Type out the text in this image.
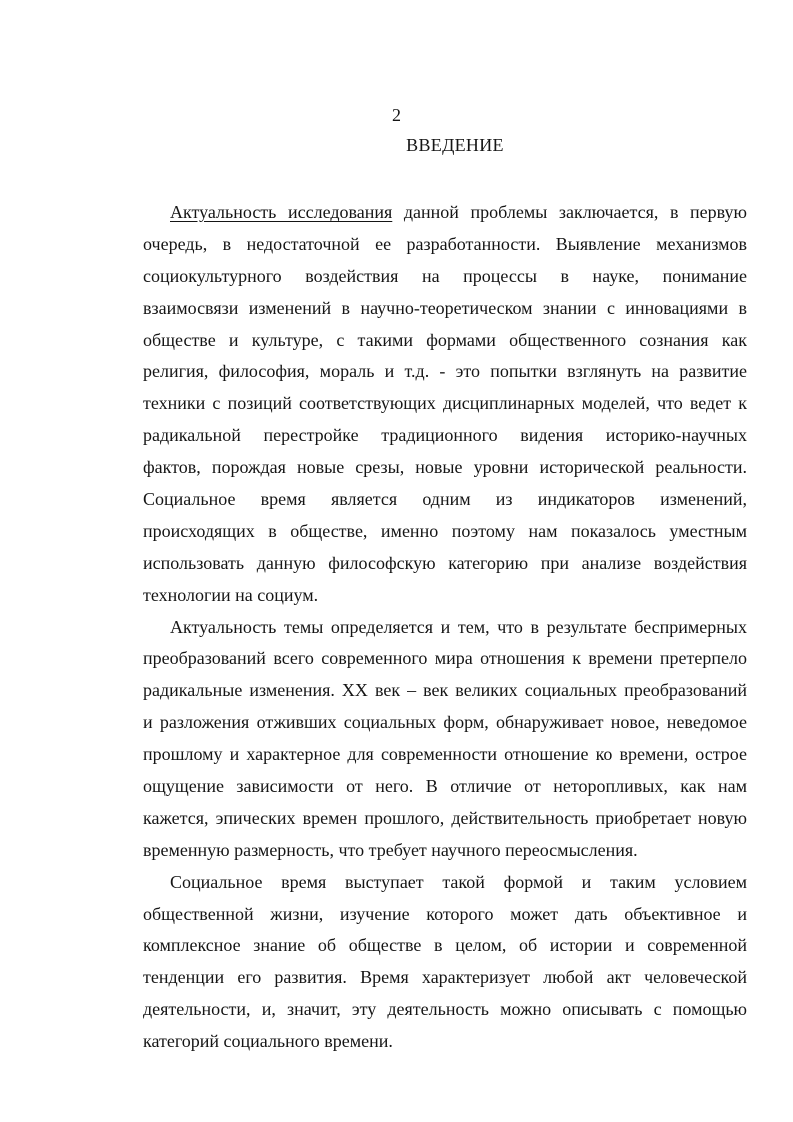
2
ВВЕДЕНИЕ
Актуальность исследования данной проблемы заключается, в первую
очередь, в недостаточной ее разработанности. Выявление механизмов
социокультурного воздействия на процессы в науке, понимание
взаимосвязи изменений в научно-теоретическом знании с инновациями в
обществе и культуре, с такими формами общественного сознания как
религия, философия, мораль и т.д. - это попытки взглянуть на развитие
техники с позиций соответствующих дисциплинарных моделей, что ведет к
радикальной перестройке традиционного видения историко-научных
фактов, порождая новые срезы, новые уровни исторической реальности.
Социальное время является одним из индикаторов изменений,
происходящих в обществе, именно поэтому нам показалось уместным
использовать данную философскую категорию при анализе воздействия
технологии на социум.
Актуальность темы определяется и тем, что в результате беспримерных
преобразований всего современного мира отношения к времени претерпело
радикальные изменения. XX век – век великих социальных преобразований
и разложения отживших социальных форм, обнаруживает новое, неведомое
прошлому и характерное для современности отношение ко времени, острое
ощущение зависимости от него. В отличие от неторопливых, как нам
кажется, эпических времен прошлого, действительность приобретает новую
временную размерность, что требует научного переосмысления.
Социальное время выступает такой формой и таким условием
общественной жизни, изучение которого может дать объективное и
комплексное знание об обществе в целом, об истории и современной
тенденции его развития. Время характеризует любой акт человеческой
деятельности, и, значит, эту деятельность можно описывать с помощью
категорий социального времени.
